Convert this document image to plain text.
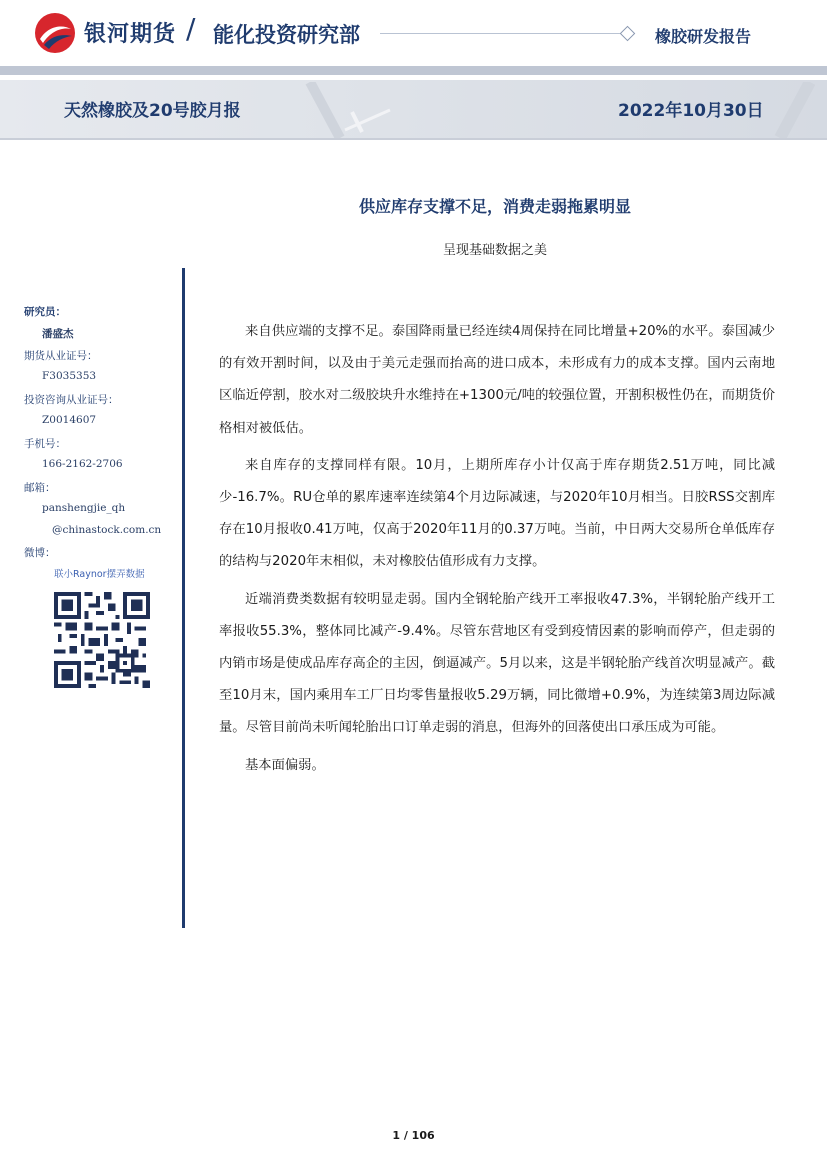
银河期货 / 能化投资研究部	橡胶研发报告
天然橡胶及20号胶月报	2022年10月30日
供应库存支撑不足，消费走弱拖累明显
呈现基础数据之美
研究员：
潘盛杰
期货从业证号：
F3035353
投资咨询从业证号：
Z0014607
手机号：
166-2162-2706
邮箱：
panshengjie_qh
@chinastock.com.cn
微博：
联小Raynor摆弄数据

来自供应端的支撑不足。泰国降雨量已经连续4周保持在同比增量+20%的水平。泰国减少的有效开割时间，以及由于美元走强而抬高的进口成本，未形成有力的成本支撑。国内云南地区临近停割，胶水对二级胶块升水维持在+1300元/吨的较强位置，开割积极性仍在，而期货价格相对被低估。

来自库存的支撑同样有限。10月，上期所库存小计仅高于库存期货2.51万吨，同比减少-16.7%。RU仓单的累库速率连续第4个月边际减速，与2020年10月相当。日胶RSS交割库存在10月报收0.41万吨，仅高于2020年11月的0.37万吨。当前，中日两大交易所仓单低库存的结构与2020年末相似，未对橡胶估值形成有力支撑。

近端消费类数据有较明显走弱。国内全钢轮胎产线开工率报收47.3%，半钢轮胎产线开工率报收55.3%，整体同比减产-9.4%。尽管东营地区有受到疫情因素的影响而停产，但走弱的内销市场是使成品库存高企的主因，倒逼减产。5月以来，这是半钢轮胎产线首次明显减产。截至10月末，国内乘用车工厂日均零售量报收5.29万辆，同比微增+0.9%，为连续第3周边际减量。尽管目前尚未听闻轮胎出口订单走弱的消息，但海外的回落使出口承压成为可能。

基本面偏弱。

1 / 106
